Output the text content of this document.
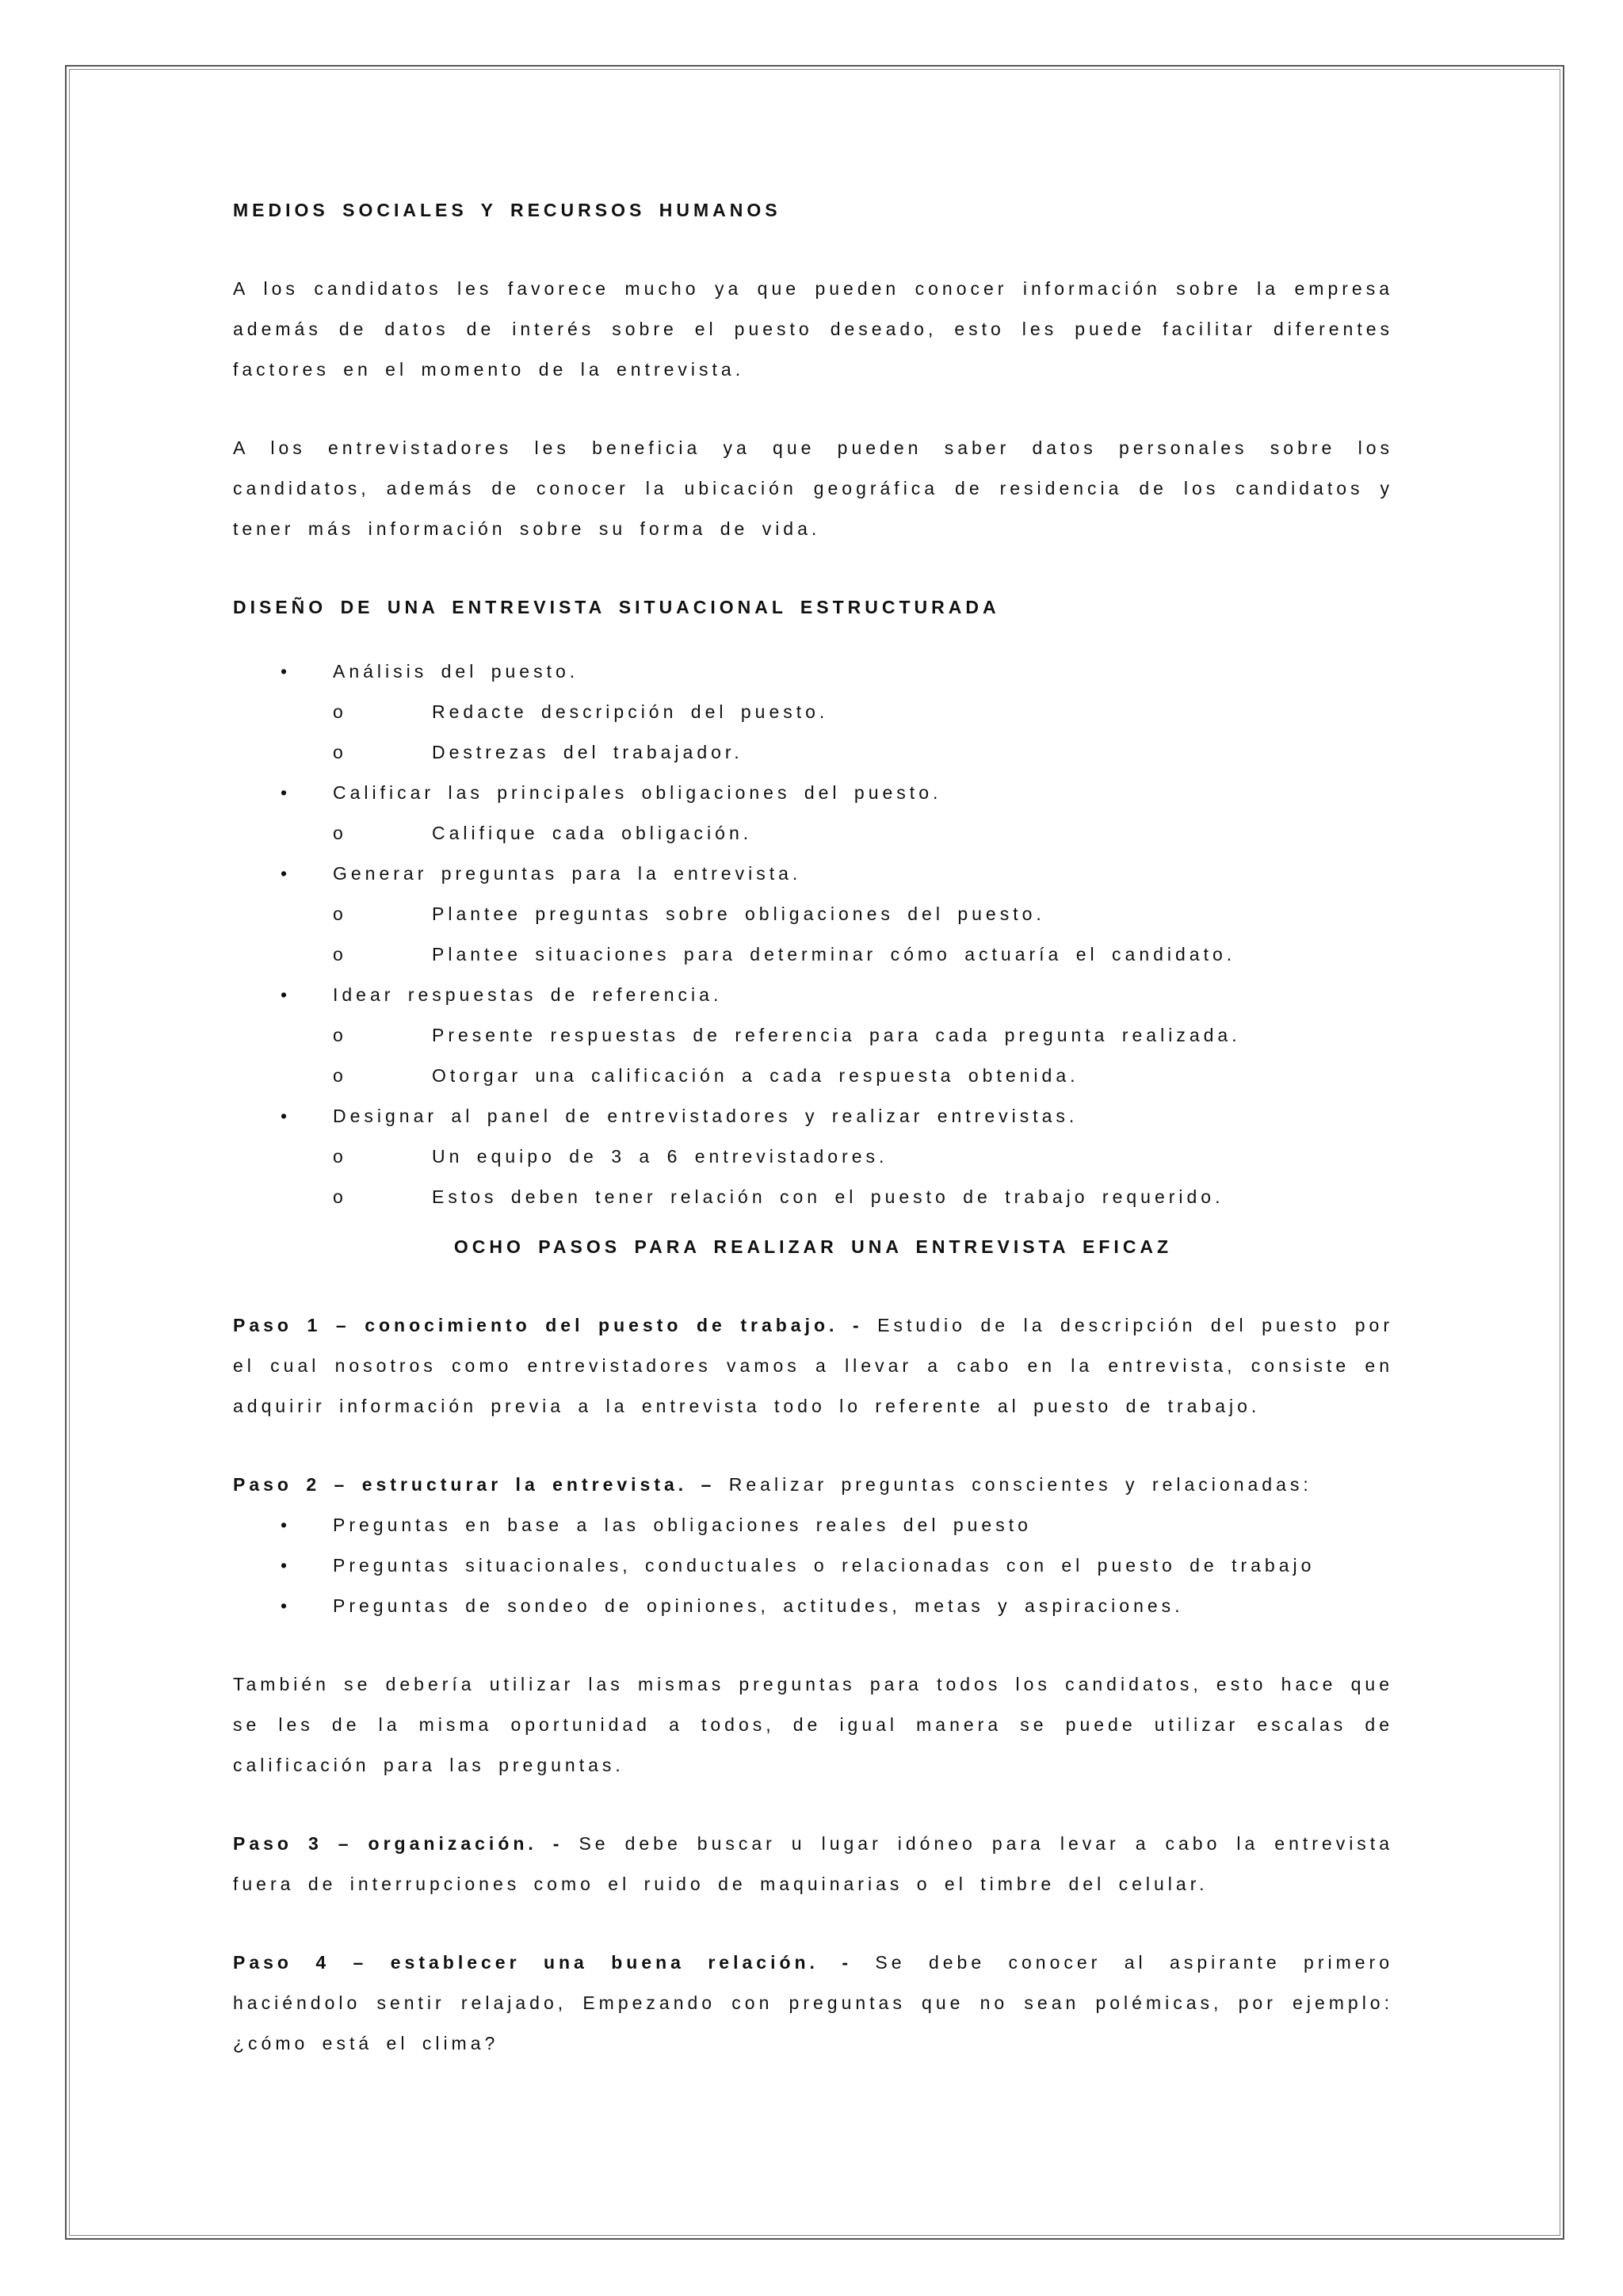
MEDIOS SOCIALES Y RECURSOS HUMANOS

A los candidatos les favorece mucho ya que pueden conocer información sobre la empresa además de datos de interés sobre el puesto deseado, esto les puede facilitar diferentes factores en el momento de la entrevista.

A los entrevistadores les beneficia ya que pueden saber datos personales sobre los candidatos, además de conocer la ubicación geográfica de residencia de los candidatos y tener más información sobre su forma de vida.

DISEÑO DE UNA ENTREVISTA SITUACIONAL ESTRUCTURADA
• Análisis del puesto.
o Redacte descripción del puesto.
o Destrezas del trabajador.
• Calificar las principales obligaciones del puesto.
o Califique cada obligación.
• Generar preguntas para la entrevista.
o Plantee preguntas sobre obligaciones del puesto.
o Plantee situaciones para determinar cómo actuaría el candidato.
• Idear respuestas de referencia.
o Presente respuestas de referencia para cada pregunta realizada.
o Otorgar una calificación a cada respuesta obtenida.
• Designar al panel de entrevistadores y realizar entrevistas.
o Un equipo de 3 a 6 entrevistadores.
o Estos deben tener relación con el puesto de trabajo requerido.
OCHO PASOS PARA REALIZAR UNA ENTREVISTA EFICAZ

Paso 1 – conocimiento del puesto de trabajo. - Estudio de la descripción del puesto por el cual nosotros como entrevistadores vamos a llevar a cabo en la entrevista, consiste en adquirir información previa a la entrevista todo lo referente al puesto de trabajo.

Paso 2 – estructurar la entrevista. – Realizar preguntas conscientes y relacionadas:

• Preguntas en base a las obligaciones reales del puesto
• Preguntas situacionales, conductuales o relacionadas con el puesto de trabajo
• Preguntas de sondeo de opiniones, actitudes, metas y aspiraciones.

También se debería utilizar las mismas preguntas para todos los candidatos, esto hace que se les de la misma oportunidad a todos, de igual manera se puede utilizar escalas de calificación para las preguntas.

Paso 3 – organización. - Se debe buscar u lugar idóneo para levar a cabo la entrevista fuera de interrupciones como el ruido de maquinarias o el timbre del celular.

Paso 4 – establecer una buena relación. - Se debe conocer al aspirante primero haciéndolo sentir relajado, Empezando con preguntas que no sean polémicas, por ejemplo: ¿cómo está el clima?
